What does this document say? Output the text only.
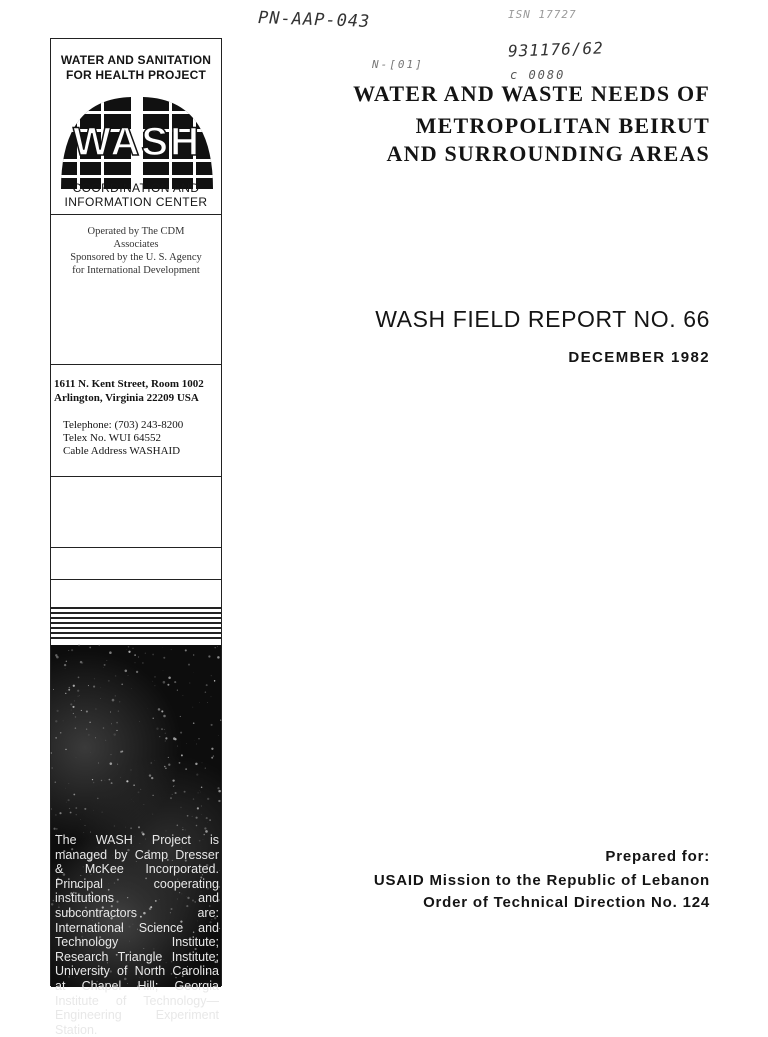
PN-AAP-043	ISN 17727
N-[01]
931176/62
c 0080
WATER AND SANITATION
FOR HEALTH PROJECT
WASH
COORDINATION AND
INFORMATION CENTER
Operated by The CDM
Associates
Sponsored by the U. S. Agency
for International Development
1611 N. Kent Street, Room 1002
Arlington, Virginia 22209 USA
Telephone: (703) 243-8200
Telex No. WUI 64552
Cable Address WASHAID
The WASH Project is managed by Camp Dresser & McKee Incorporated. Principal cooperating institutions and subcontractors are: International Science and Technology Institute; Research Triangle Institute; University of North Carolina at Chapel Hill; Georgia Institute of Technology—Engineering Experiment Station.
WATER AND WASTE NEEDS OF
METROPOLITAN BEIRUT
AND SURROUNDING AREAS
WASH FIELD REPORT NO. 66
DECEMBER 1982
Prepared for:
USAID Mission to the Republic of Lebanon
Order of Technical Direction No. 124
